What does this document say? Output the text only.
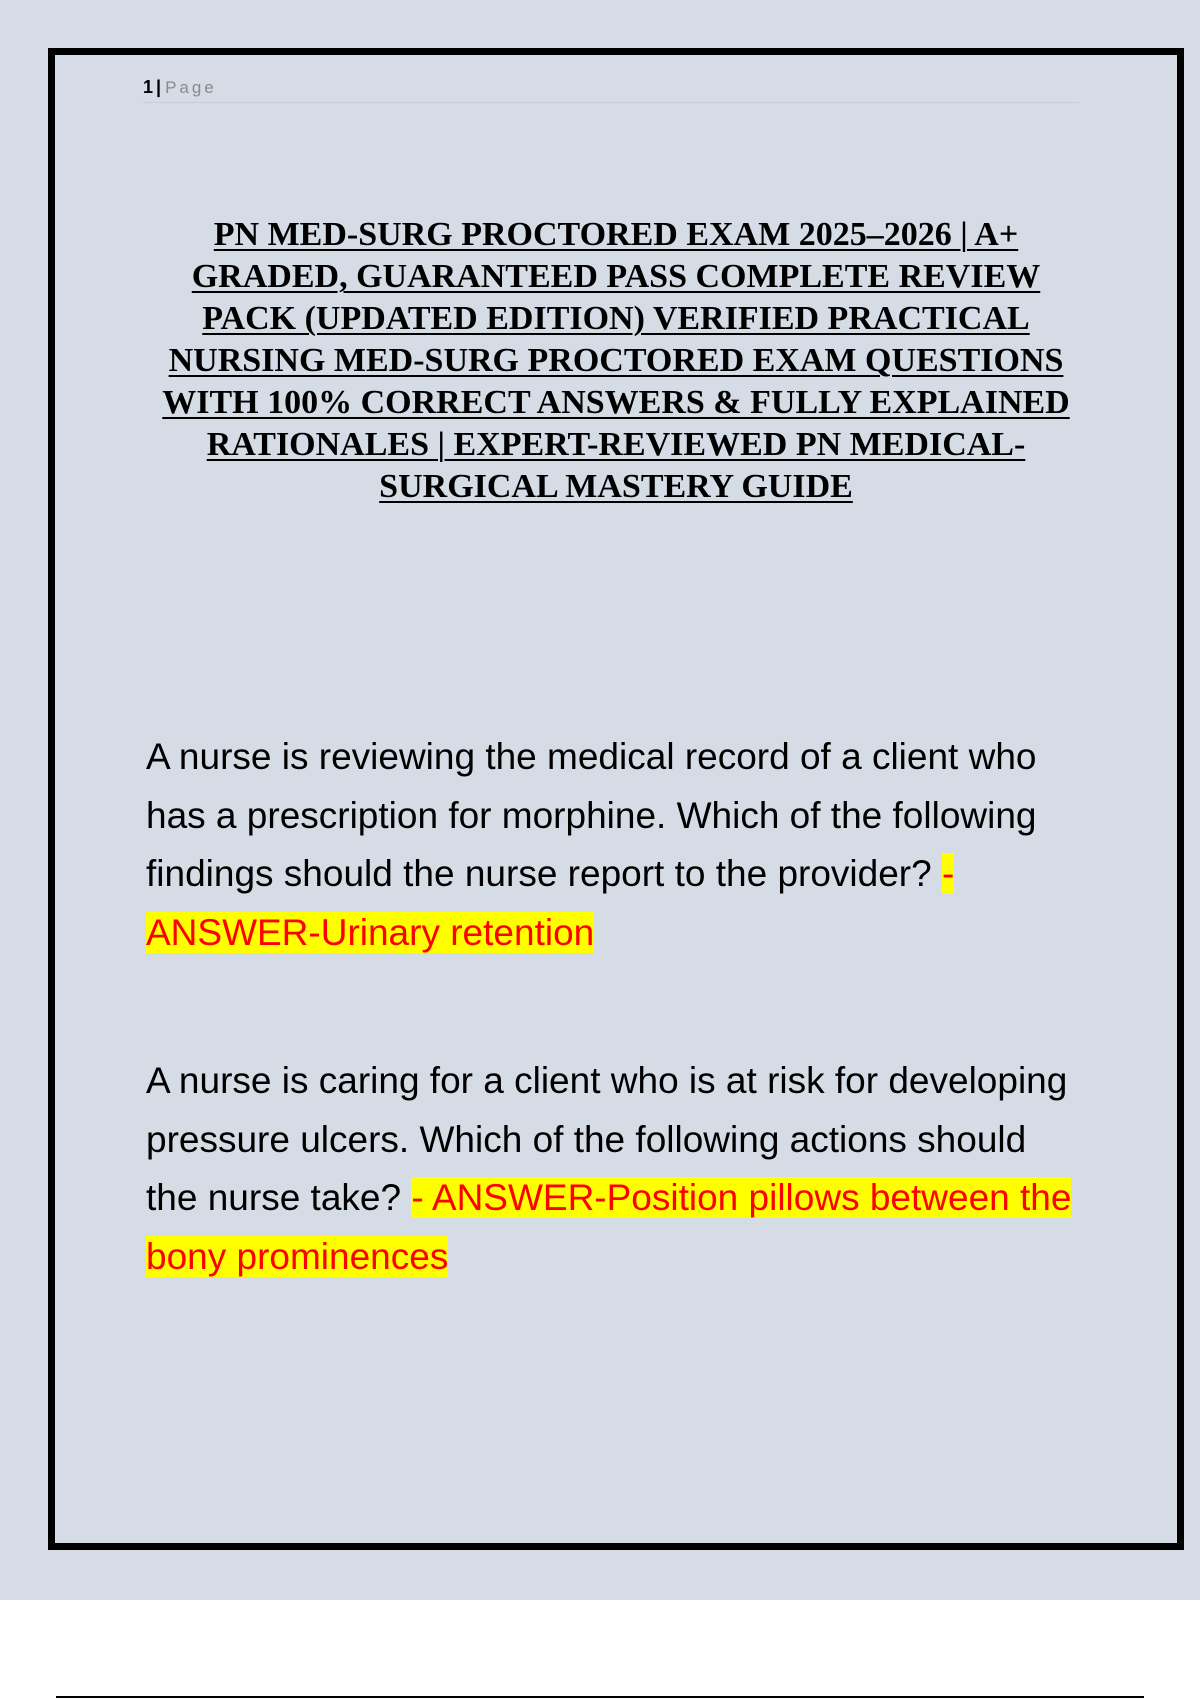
1 | Page
PN MED-SURG PROCTORED EXAM 2025–2026 | A+ GRADED, GUARANTEED PASS COMPLETE REVIEW PACK (UPDATED EDITION) VERIFIED PRACTICAL NURSING MED-SURG PROCTORED EXAM QUESTIONS WITH 100% CORRECT ANSWERS & FULLY EXPLAINED RATIONALES | EXPERT-REVIEWED PN MEDICAL-SURGICAL MASTERY GUIDE

A nurse is reviewing the medical record of a client who has a prescription for morphine. Which of the following findings should the nurse report to the provider? - ANSWER-Urinary retention

A nurse is caring for a client who is at risk for developing pressure ulcers. Which of the following actions should the nurse take? - ANSWER-Position pillows between the bony prominences
